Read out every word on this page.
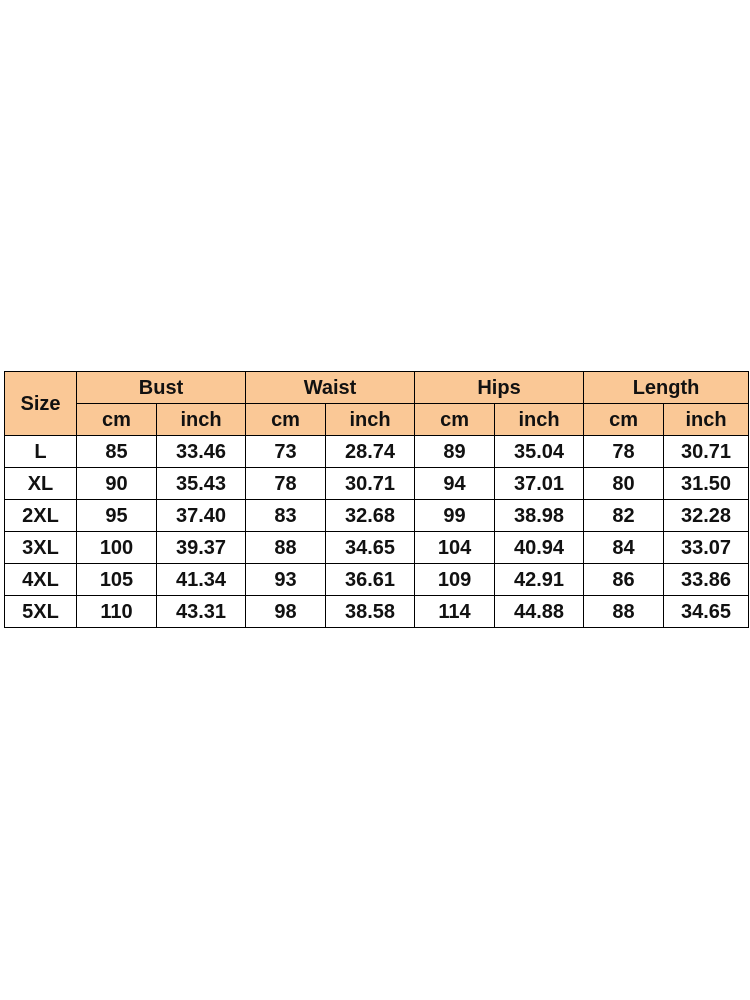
Size	Bust		Waist		Hips		Length	
	cm	inch	cm	inch	cm	inch	cm	inch
L	85	33.46	73	28.74	89	35.04	78	30.71
XL	90	35.43	78	30.71	94	37.01	80	31.50
2XL	95	37.40	83	32.68	99	38.98	82	32.28
3XL	100	39.37	88	34.65	104	40.94	84	33.07
4XL	105	41.34	93	36.61	109	42.91	86	33.86
5XL	110	43.31	98	38.58	114	44.88	88	34.65
